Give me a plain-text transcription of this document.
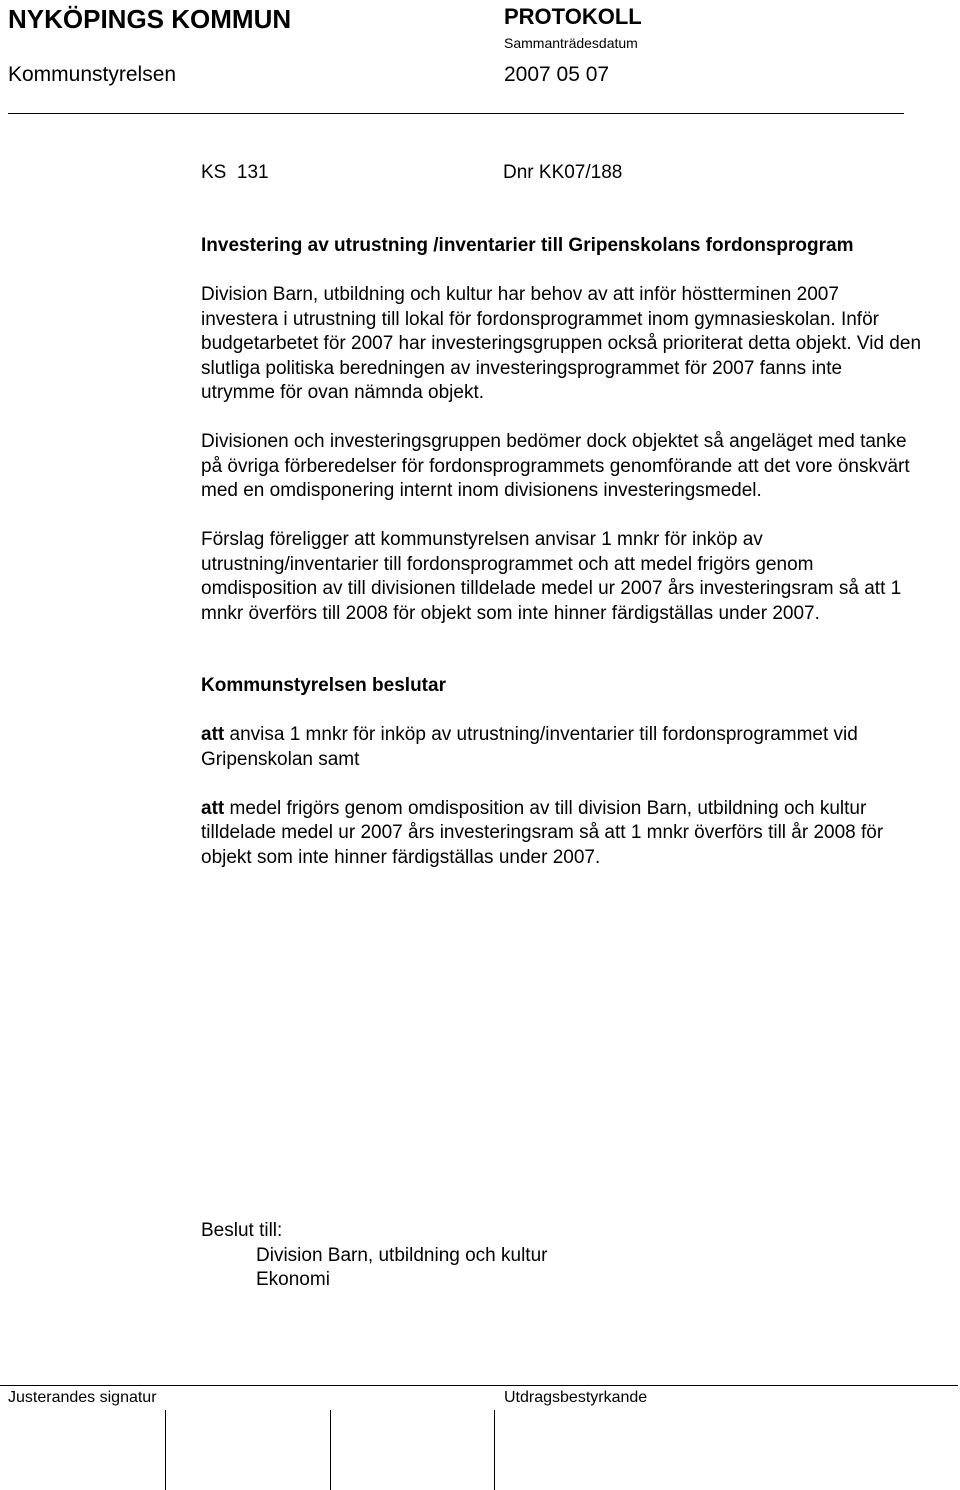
NYKÖPINGS KOMMUN	PROTOKOLL
Sammanträdesdatum
Kommunstyrelsen	2007 05 07
KS  131	Dnr KK07/188

Investering av utrustning /inventarier till Gripenskolans fordonsprogram

Division Barn, utbildning och kultur har behov av att inför höstterminen 2007 investera i utrustning till lokal för fordonsprogrammet inom gymnasieskolan. Inför budgetarbetet för 2007 har investeringsgruppen också prioriterat detta objekt. Vid den slutliga politiska beredningen av investeringsprogrammet för 2007 fanns inte utrymme för ovan nämnda objekt.

Divisionen och investeringsgruppen bedömer dock objektet så angeläget med tanke på övriga förberedelser för fordonsprogrammets genomförande att det vore önskvärt med en omdisponering internt inom divisionens investeringsmedel.

Förslag föreligger att kommunstyrelsen anvisar 1 mnkr för inköp av utrustning/inventarier till fordonsprogrammet och att medel frigörs genom omdisposition av till divisionen tilldelade medel ur 2007 års investeringsram så att 1 mnkr överförs till 2008 för objekt som inte hinner färdigställas under 2007.

Kommunstyrelsen beslutar

att anvisa 1 mnkr för inköp av utrustning/inventarier till fordonsprogrammet vid Gripenskolan samt

att medel frigörs genom omdisposition av till division Barn, utbildning och kultur tilldelade medel ur 2007 års investeringsram så att 1 mnkr överförs till år 2008 för objekt som inte hinner färdigställas under 2007.

Beslut till:
Division Barn, utbildning och kultur
Ekonomi
Justerandes signatur	Utdragsbestyrkande
